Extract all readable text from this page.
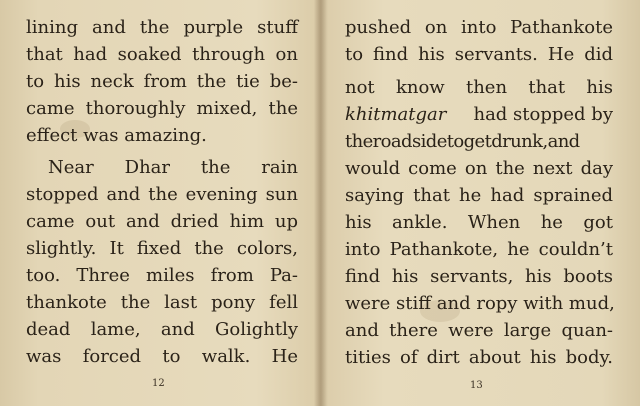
lining and the purple stuff
that had soaked through on
to his neck from the tie be-
came thoroughly mixed, the
effect was amazing.
Near Dhar the rain
stopped and the evening sun
came out and dried him up
slightly. It fixed the colors,
too. Three miles from Pa-
thankote the last pony fell
dead lame, and Golightly
was forced to walk. He
12
pushed on into Pathankote
to find his servants. He did
not know then that his
khitmatgar had stopped by
theroadsidetogetdrunk,and
would come on the next day
saying that he had sprained
his ankle. When he got
into Pathankote, he couldn’t
find his servants, his boots
were stiff and ropy with mud,
and there were large quan-
tities of dirt about his body.
13
